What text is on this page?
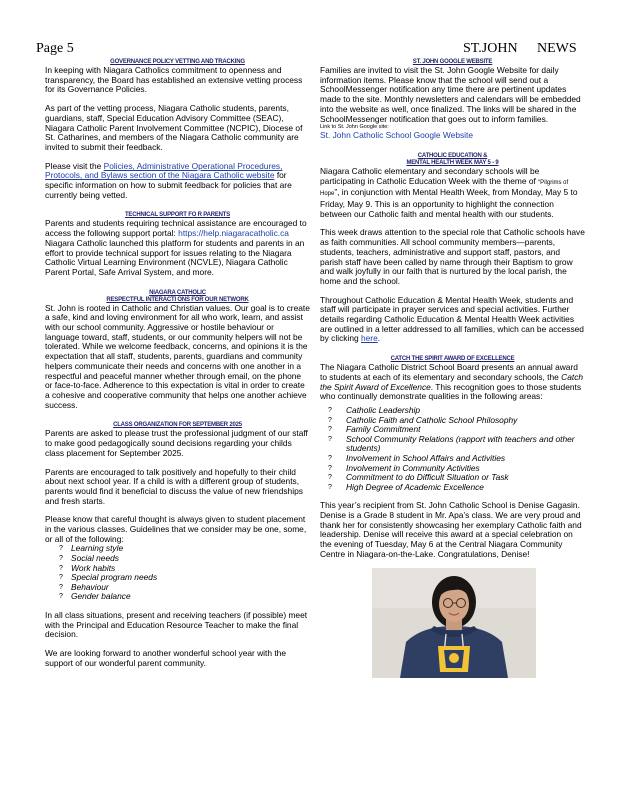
Page 5	ST.JOHN NEWS
GOVERNANCE POLICY VETTING AND TRACKING

In keeping with Niagara Catholics commitment to openness and transparency, the Board has established an extensive vetting process for its Governance Policies.

As part of the vetting process, Niagara Catholic students, parents, guardians, staff, Special Education Advisory Committee (SEAC), Niagara Catholic Parent Involvement Committee (NCPIC), Diocese of St. Catharines, and members of the Niagara Catholic community are invited to submit their feedback.

Please visit the Policies, Administrative Operational Procedures, Protocols, and Bylaws section of the Niagara Catholic website for specific information on how to submit feedback for policies that are currently being vetted.

TECHNICAL SUPPORT FO R PARENTS

Parents and students requiring technical assistance are encouraged to access the following support portal: https://help.niagaracatholic.ca Niagara Catholic launched this platform for students and parents in an effort to provide technical support for issues relating to the Niagara Catholic Virtual Learning Environment (NCVLE), Niagara Catholic Parent Portal, Safe Arrival System, and more.

NIAGARA CATHOLIC
RESPECTFUL INTERACTI ONS FOR OUR NETWORK

St. John is rooted in Catholic and Christian values. Our goal is to create a safe, kind and loving environment for all who work, learn, and assist with our school community. Aggressive or hostile behaviour or language toward, staff, students, or our community helpers will not be tolerated. While we welcome feedback, concerns, and opinions it is the expectation that all staff, students, parents, guardians and community helpers communicate their needs and concerns with one another in a respectful and peaceful manner whether through email, on the phone or face-to-face. Adherence to this expectation is vital in order to create a cohesive and cooperative community that helps one another achieve success.

CLASS ORGANIZATION FOR SEPTEMBER 2025

Parents are asked to please trust the professional judgment of our staff to make good pedagogically sound decisions regarding your childs class placement for September 2025.

Parents are encouraged to talk positively and hopefully to their child about next school year. If a child is with a different group of students, parents would find it beneficial to discuss the value of new friendships and fresh starts.

Please know that careful thought is always given to student placement in the various classes. Guidelines that we consider may be one, some, or all of the following:

? Learning style
? Social needs
? Work habits
? Special program needs
? Behaviour
? Gender balance

In all class situations, present and receiving teachers (if possible) meet with the Principal and Education Resource Teacher to make the final decision.

We are looking forward to another wonderful school year with the support of our wonderful parent community.

ST. JOHN GOOGLE WEBSITE

Families are invited to visit the St. John Google Website for daily information items. Please know that the school will send out a SchoolMessenger notification any time there are pertinent updates made to the site. Monthly newsletters and calendars will be embedded into the website as well, once finalized. The links will be shared in the SchoolMessenger notification that goes out to inform families.

Link to St. John Google site:

St. John Catholic School Google Website

CATHOLIC EDUCATION &
MENTAL HEALTH WEEK MAY 5 - 9

Niagara Catholic elementary and secondary schools will be participating in Catholic Education Week with the theme of “Pilgrims of Hope”, in conjunction with Mental Health Week, from Monday, May 5 to Friday, May 9. This is an opportunity to highlight the connection between our Catholic faith and mental health with our students.

This week draws attention to the special role that Catholic schools have as faith communities. All school community members—parents, students, teachers, administrative and support staff, pastors, and parish staff have been called by name through their Baptism to grow and walk joyfully in our faith that is nurtured by the local parish, the home and the school.

Throughout Catholic Education & Mental Health Week, students and staff will participate in prayer services and special activities. Further details regarding Catholic Education & Mental Health Week activities are outlined in a letter addressed to all families, which can be accessed by clicking here.

CATCH THE SPIRIT AWARD OF EXCELLENCE

The Niagara Catholic District School Board presents an annual award to students at each of its elementary and secondary schools, the Catch the Spirit Award of Excellence. This recognition goes to those students who continually demonstrate qualities in the following areas:

?	Catholic Leadership
?	Catholic Faith and Catholic School Philosophy
?	Family Commitment
?	School Community Relations (rapport with teachers and other students)
?	Involvement in School Affairs and Activities
?	Involvement in Community Activities
?	Commitment to do Difficult Situation or Task
?	High Degree of Academic Excellence

This year’s recipient from St. John Catholic School is Denise Gagasin. Denise is a Grade 8 student in Mr. Apa’s class. We are very proud and thank her for consistently showcasing her exemplary Catholic faith and leadership. Denise will receive this award at a special celebration on the evening of Tuesday, May 6 at the Central Niagara Community Centre in Niagara-on-the-Lake. Congratulations, Denise!
